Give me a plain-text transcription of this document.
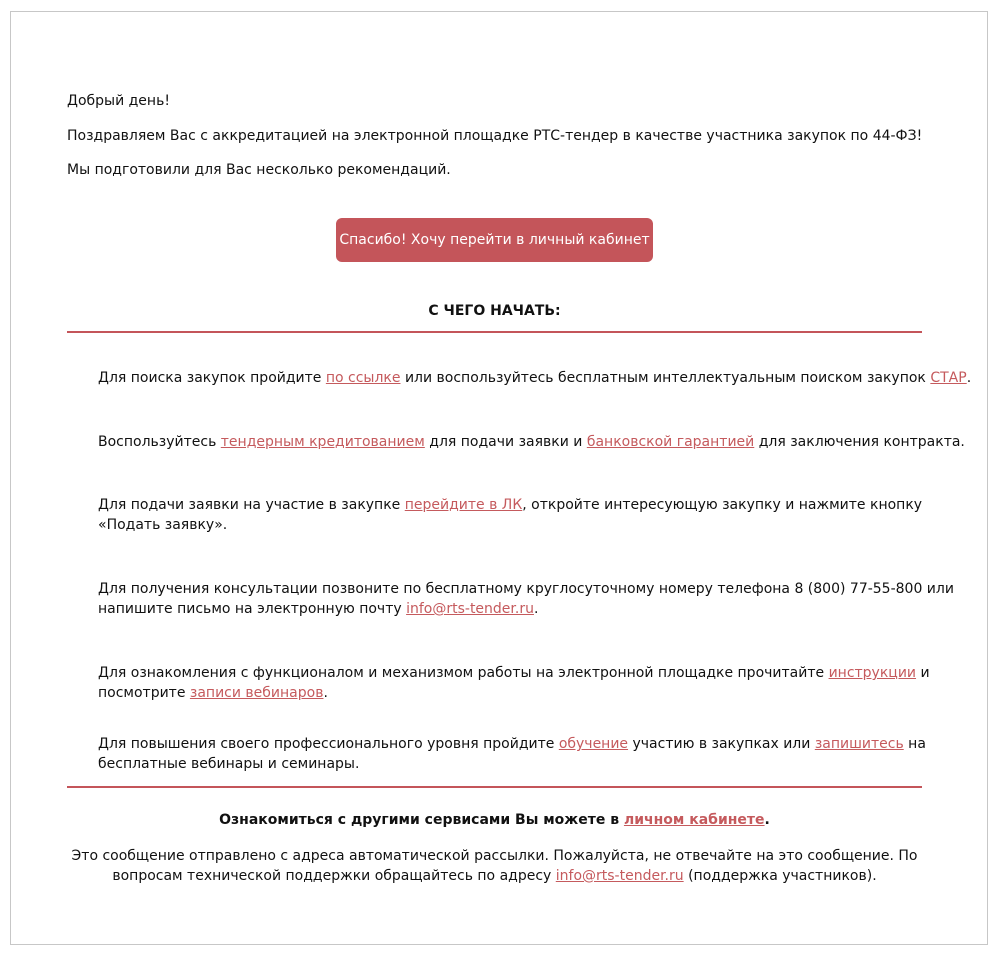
Добрый день!
Поздравляем Вас с аккредитацией на электронной площадке РТС-тендер в качестве участника закупок по 44-ФЗ!
Мы подготовили для Вас несколько рекомендаций.
Спасибо! Хочу перейти в личный кабинет
С ЧЕГО НАЧАТЬ:
Для поиска закупок пройдите по ссылке или воспользуйтесь бесплатным интеллектуальным поиском закупок СТАР.
Воспользуйтесь тендерным кредитованием для подачи заявки и банковской гарантией для заключения контракта.
Для подачи заявки на участие в закупке перейдите в ЛК, откройте интересующую закупку и нажмите кнопку
«Подать заявку».
Для получения консультации позвоните по бесплатному круглосуточному номеру телефона 8 (800) 77-55-800 или
напишите письмо на электронную почту info@rts-tender.ru.
Для ознакомления с функционалом и механизмом работы на электронной площадке прочитайте инструкции и
посмотрите записи вебинаров.
Для повышения своего профессионального уровня пройдите обучение участию в закупках или запишитесь на
бесплатные вебинары и семинары.
Ознакомиться с другими сервисами Вы можете в личном кабинете.
Это сообщение отправлено с адреса автоматической рассылки. Пожалуйста, не отвечайте на это сообщение. По
вопросам технической поддержки обращайтесь по адресу info@rts-tender.ru (поддержка участников).
